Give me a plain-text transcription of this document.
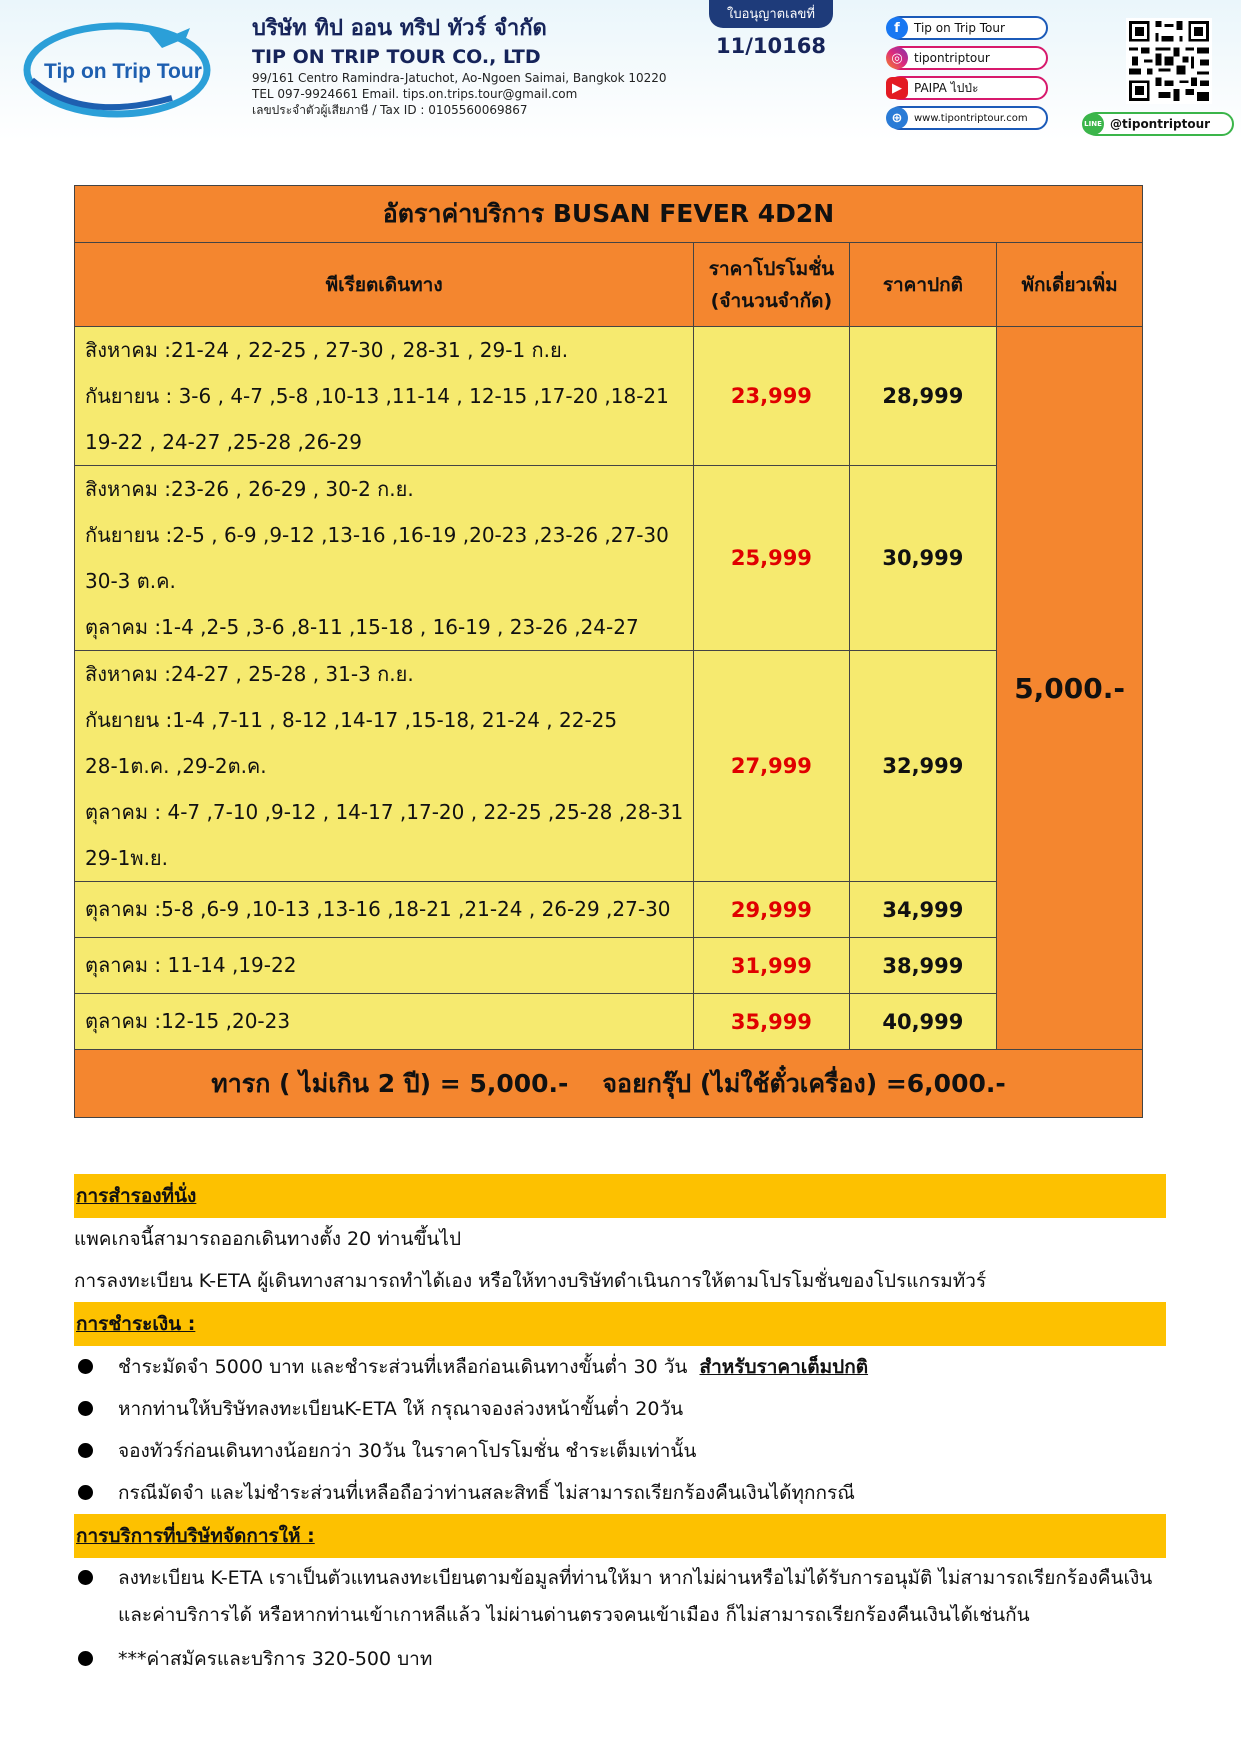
Tip on Trip Tour
บริษัท ทิป ออน ทริป ทัวร์ จำกัด
TIP ON TRIP TOUR CO., LTD
99/161 Centro Ramindra-Jatuchot, Ao-Ngoen Saimai, Bangkok 10220
TEL 097-9924661 Email. tips.on.trips.tour@gmail.com
เลขประจำตัวผู้เสียภาษี / Tax ID : 0105560069867
ใบอนุญาตเลขที่
11/10168
f	Tip on Trip Tour
◎ tipontriptour
▶	PAIPA ไปป่ะ
⊕	www.tipontriptour.com
LINE @tipontriptour
อัตราค่าบริการ BUSAN FEVER 4D2N			
พีเรียตเดินทาง	ราคาโปรโมชั่น
(จำนวนจำกัด)	ราคาปกติ	พักเดี่ยวเพิ่ม

สิงหาคม :21-24 , 22-25 , 27-30 , 28-31 , 29-1 ก.ย.
กันยายน : 3-6 , 4-7 ,5-8 ,10-13 ,11-14 , 12-15 ,17-20 ,18-21
19-22 , 24-27 ,25-28 ,26-29	23,999	28,999	5,000.-

สิงหาคม :23-26 , 26-29 , 30-2 ก.ย.
กันยายน :2-5 , 6-9 ,9-12 ,13-16 ,16-19 ,20-23 ,23-26 ,27-30
30-3 ต.ค.
ตุลาคม :1-4 ,2-5 ,3-6 ,8-11 ,15-18 , 16-19 , 23-26 ,24-27	25,999	30,999	

สิงหาคม :24-27 , 25-28 , 31-3 ก.ย.
กันยายน :1-4 ,7-11 , 8-12 ,14-17 ,15-18, 21-24 , 22-25
28-1ต.ค. ,29-2ต.ค.
ตุลาคม : 4-7 ,7-10 ,9-12 , 14-17 ,17-20 , 22-25 ,25-28 ,28-31
29-1พ.ย.	27,999	32,999	

ตุลาคม :5-8 ,6-9 ,10-13 ,13-16 ,18-21 ,21-24 , 26-29 ,27-30	29,999	34,999	

ตุลาคม : 11-14 ,19-22	31,999	38,999	

ตุลาคม :12-15 ,20-23	35,999	40,999	
ทารก ( ไม่เกิน 2 ปี) = 5,000.- จอยกรุ๊ป (ไม่ใช้ตั๋วเครื่อง) =6,000.-			
การสำรองที่นั่ง
แพคเกจนี้สามารถออกเดินทางตั้ง 20 ท่านขึ้นไป
การลงทะเบียน K-ETA ผู้เดินทางสามารถทำได้เอง หรือให้ทางบริษัทดำเนินการให้ตามโปรโมชั่นของโปรแกรมทัวร์
การชำระเงิน :
ชำระมัดจำ 5000 บาท และชำระส่วนที่เหลือก่อนเดินทางขั้นต่ำ 30 วัน สำหรับราคาเต็มปกติ
หากท่านให้บริษัทลงทะเบียนK-ETA ให้ กรุณาจองล่วงหน้าขั้นต่ำ 20วัน
จองทัวร์ก่อนเดินทางน้อยกว่า 30วัน ในราคาโปรโมชั่น ชำระเต็มเท่านั้น
กรณีมัดจำ และไม่ชำระส่วนที่เหลือถือว่าท่านสละสิทธิ์ ไม่สามารถเรียกร้องคืนเงินได้ทุกกรณี
การบริการที่บริษัทจัดการให้ :
ลงทะเบียน K-ETA เราเป็นตัวแทนลงทะเบียนตามข้อมูลที่ท่านให้มา หากไม่ผ่านหรือไม่ได้รับการอนุมัติ ไม่สามารถเรียกร้องคืนเงิน
และค่าบริการได้ หรือหากท่านเข้าเกาหลีแล้ว ไม่ผ่านด่านตรวจคนเข้าเมือง ก็ไม่สามารถเรียกร้องคืนเงินได้เช่นกัน
***ค่าสมัครและบริการ 320-500 บาท
